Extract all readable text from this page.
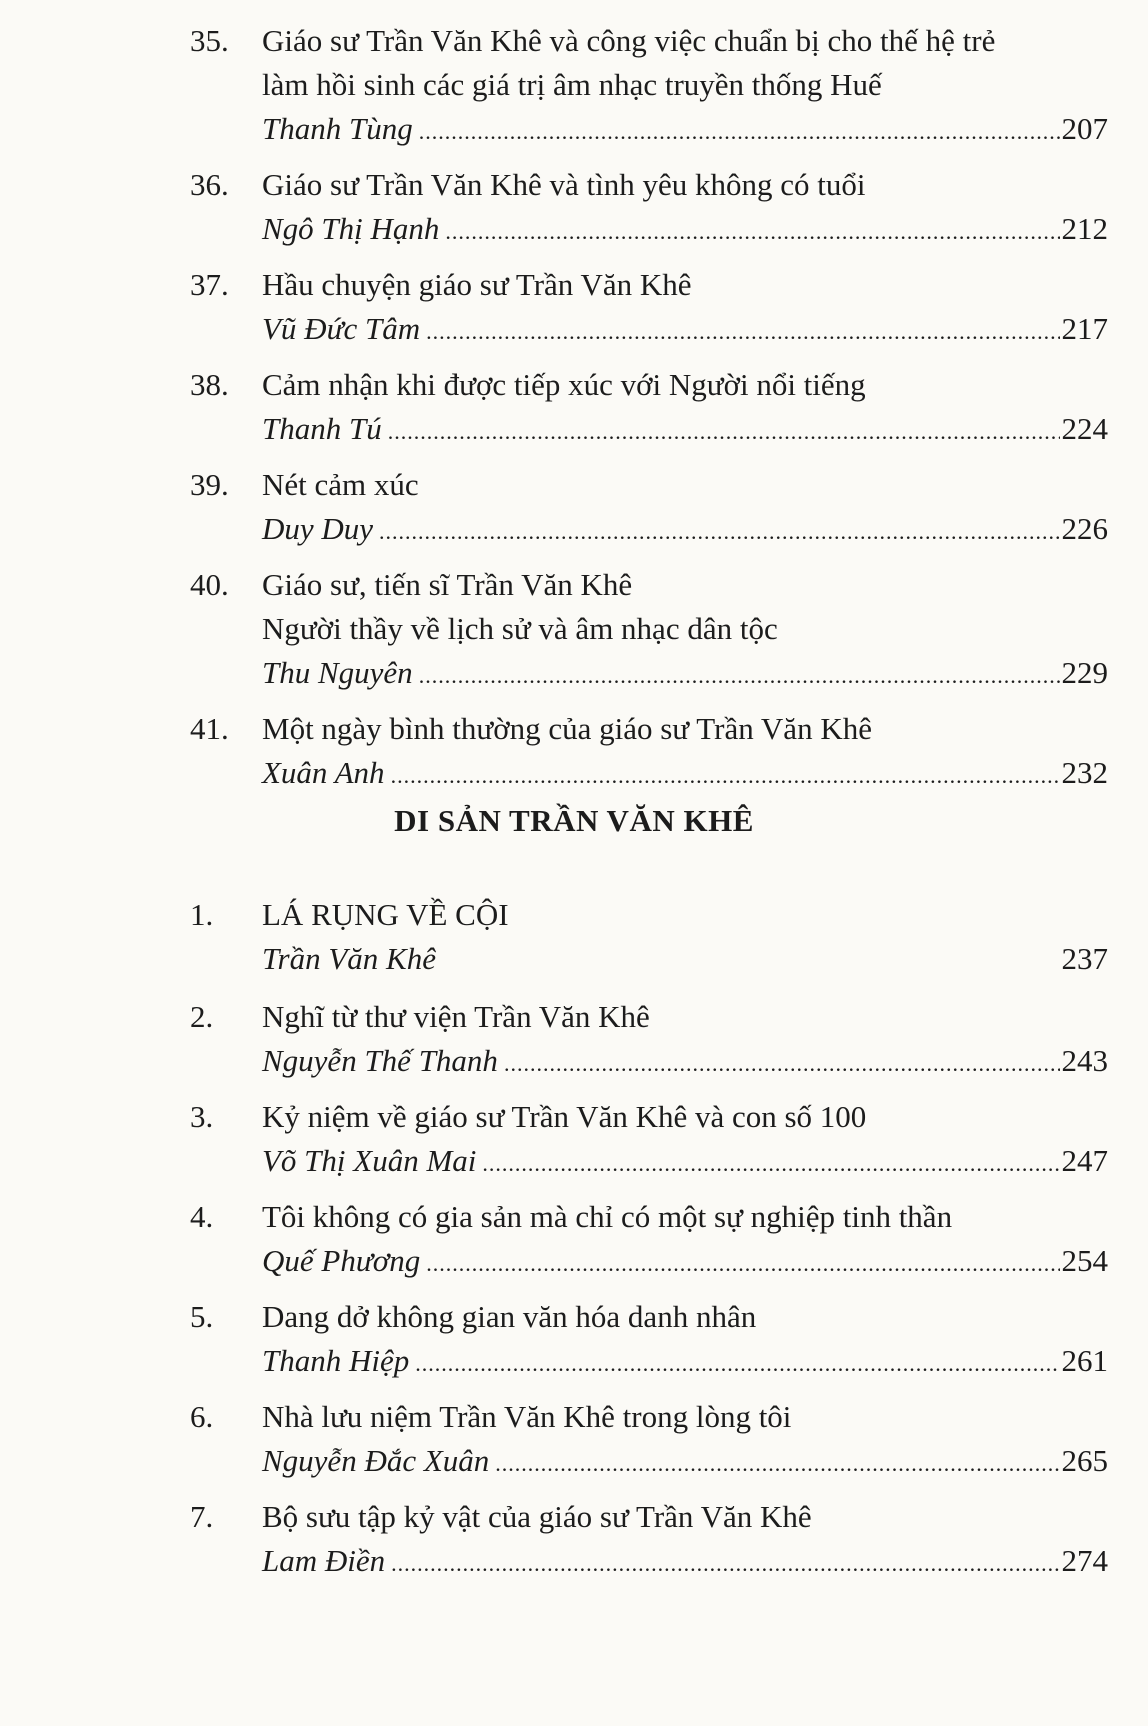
35.	Giáo sư Trần Văn Khê và công việc chuẩn bị cho thế hệ trẻ
làm hồi sinh các giá trị âm nhạc truyền thống Huế
Thanh Tùng .....	207
36.	Giáo sư Trần Văn Khê và tình yêu không có tuổi
Ngô Thị Hạnh .....	212
37.	Hầu chuyện giáo sư Trần Văn Khê
Vũ Đức Tâm .....	217
38.	Cảm nhận khi được tiếp xúc với Người nổi tiếng
Thanh Tú .....	224
39.	Nét cảm xúc
Duy Duy .....	226
40.	Giáo sư, tiến sĩ Trần Văn Khê
Người thầy về lịch sử và âm nhạc dân tộc
Thu Nguyên .....	229
41.	Một ngày bình thường của giáo sư Trần Văn Khê
Xuân Anh .....	232
DI SẢN TRẦN VĂN KHÊ
1.	LÁ RỤNG VỀ CỘI
Trần Văn Khê	237
2.	Nghĩ từ thư viện Trần Văn Khê
Nguyễn Thế Thanh .....	243
3.	Kỷ niệm về giáo sư Trần Văn Khê và con số 100
Võ Thị Xuân Mai .....	247
4.	Tôi không có gia sản mà chỉ có một sự nghiệp tinh thần
Quế Phương .....	254
5.	Dang dở không gian văn hóa danh nhân
Thanh Hiệp .....	261
6.	Nhà lưu niệm Trần Văn Khê trong lòng tôi
Nguyễn Đắc Xuân .....	265
7.	Bộ sưu tập kỷ vật của giáo sư Trần Văn Khê
Lam Điền .....	274
